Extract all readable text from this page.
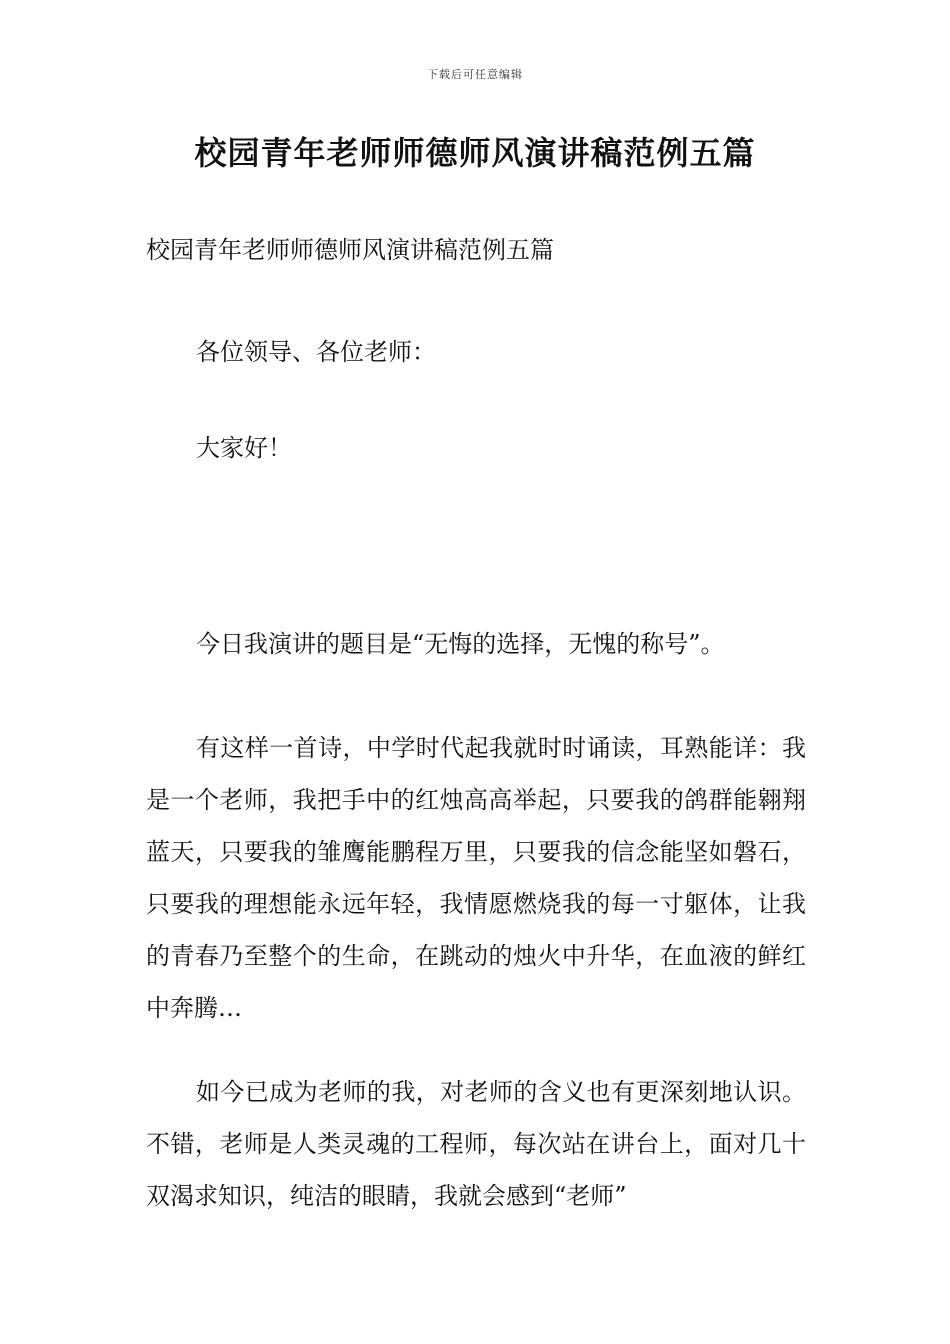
下载后可任意编辑
校园青年老师师德师风演讲稿范例五篇

校园青年老师师德师风演讲稿范例五篇

各位领导、各位老师：

大家好！

今日我演讲的题目是“无悔的选择，无愧的称号”。

有这样一首诗，中学时代起我就时时诵读，耳熟能详：我是一个老师，我把手中的红烛高高举起，只要我的鸽群能翱翔蓝天，只要我的雏鹰能鹏程万里，只要我的信念能坚如磐石，只要我的理想能永远年轻，我情愿燃烧我的每一寸躯体，让我的青春乃至整个的生命，在跳动的烛火中升华，在血液的鲜红中奔腾…

如今已成为老师的我，对老师的含义也有更深刻地认识。不错，老师是人类灵魂的工程师，每次站在讲台上，面对几十双渴求知识，纯洁的眼睛，我就会感到“老师”
